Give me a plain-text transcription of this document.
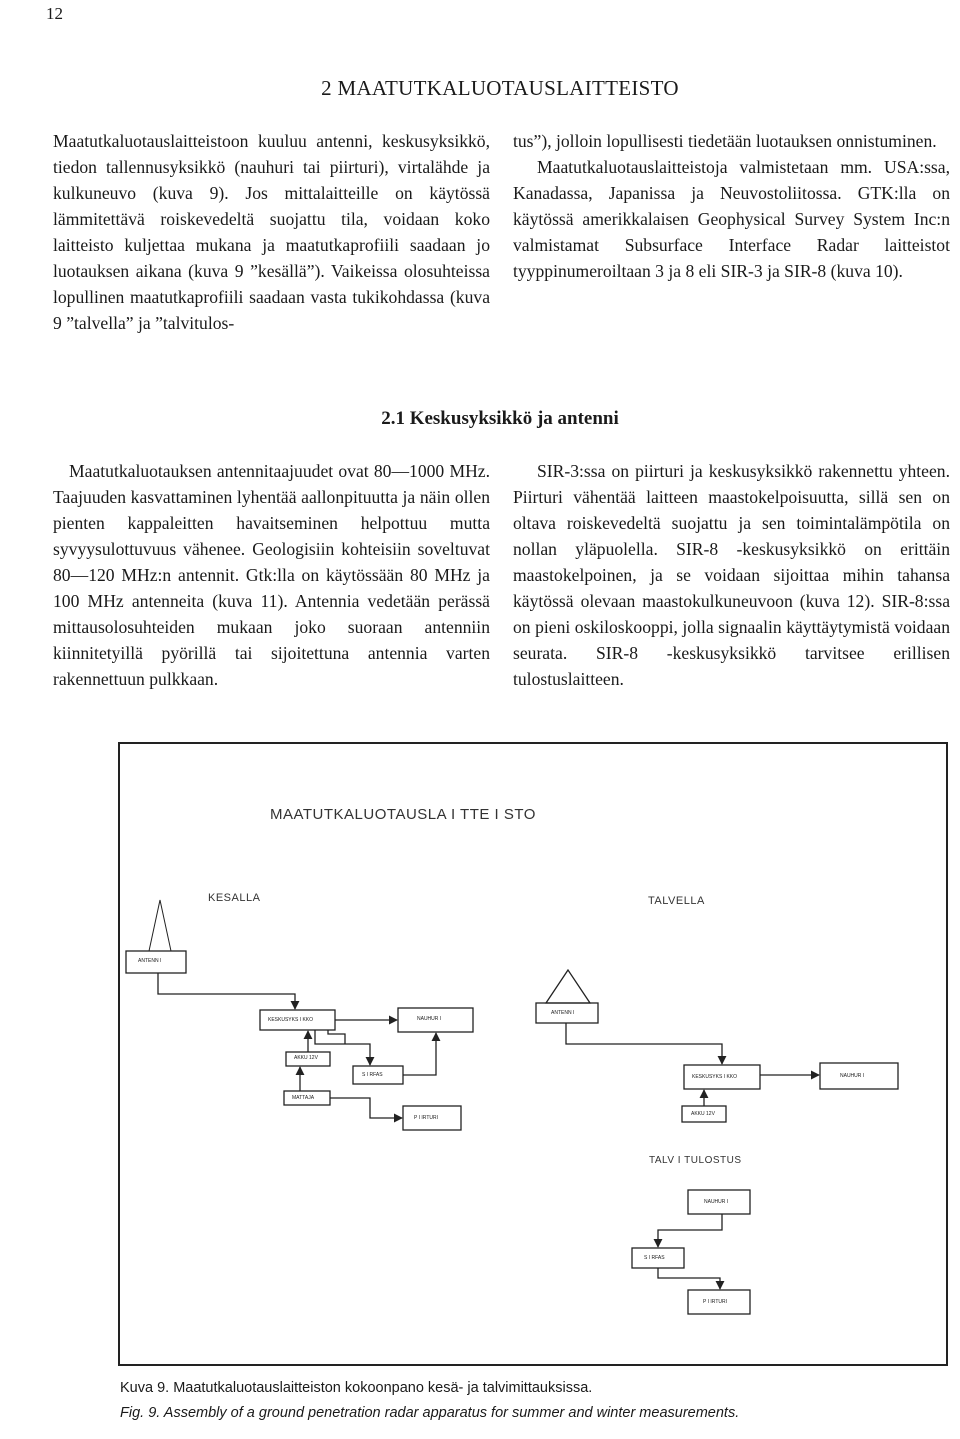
12
2 MAATUTKALUOTAUSLAITTEISTO

Maatutkaluotauslaitteistoon kuuluu antenni, keskusyksikkö, tiedon tallennusyksikkö (nauhuri tai piirturi), virtalähde ja kulkuneuvo (kuva 9). Jos mittalaitteille on käytössä lämmitettävä roiskevedeltä suojattu tila, voidaan koko laitteisto kuljettaa mukana ja maatutkaprofiili saadaan jo luotauksen aikana (kuva 9 ”kesällä”). Vaikeissa olosuhteissa lopullinen maatutkaprofiili saadaan vasta tukikohdassa (kuva 9 ”talvella” ja ”talvitulos-

tus”), jolloin lopullisesti tiedetään luotauksen onnistuminen.

Maatutkaluotauslaitteistoja valmistetaan mm. USA:ssa, Kanadassa, Japanissa ja Neuvostoliitossa. GTK:lla on käytössä amerikkalaisen Geophysical Survey System Inc:n valmistamat Subsurface Interface Radar laitteistot tyyppinumeroiltaan 3 ja 8 eli SIR-3 ja SIR-8 (kuva 10).

2.1 Keskusyksikkö ja antenni

Maatutkaluotauksen antennitaajuudet ovat 80—1000 MHz. Taajuuden kasvattaminen lyhentää aallonpituutta ja näin ollen pienten kappaleitten havaitseminen helpottuu mutta syvyysulottuvuus vähenee. Geologisiin kohteisiin soveltuvat 80—120 MHz:n antennit. Gtk:lla on käytössään 80 MHz ja 100 MHz antenneita (kuva 11). Antennia vedetään perässä mittausolosuhteiden mukaan joko suoraan antenniin kiinnitetyillä pyörillä tai sijoitettuna antennia varten rakennettuun pulkkaan.

SIR-3:ssa on piirturi ja keskusyksikkö rakennettu yhteen. Piirturi vähentää laitteen maastokelpoisuutta, sillä sen on oltava roiskevedeltä suojattu ja sen toimintalämpötila on nollan yläpuolella. SIR-8 -keskusyksikkö on erittäin maastokelpoinen, ja se voidaan sijoittaa mihin tahansa käytössä olevaan maastokulkuneuvoon (kuva 12). SIR-8:ssa on pieni oskiloskooppi, jolla signaalin käyttäytymistä voidaan seurata. SIR-8 -keskusyksikkö tarvitsee erillisen tulostuslaitteen.

MAATUTKALUOTAUSLA I TTE I STO
KESALLA	TALVELLA
TALV I TULOSTUS
ANTENN I
KESKUSYKS I KKO	NAUHUR I
AKKU 12V
S I RFAS
MATTAJA
P I IRTURI
ANTENN I
KESKUSYKS I KKO	NAUHUR I
AKKU 12V
NAUHUR I
S I RFAS
P I IRTURI
Kuva 9. Maatutkaluotauslaitteiston kokoonpano kesä- ja talvimittauksissa.
Fig. 9. Assembly of a ground penetration radar apparatus for summer and winter measurements.
